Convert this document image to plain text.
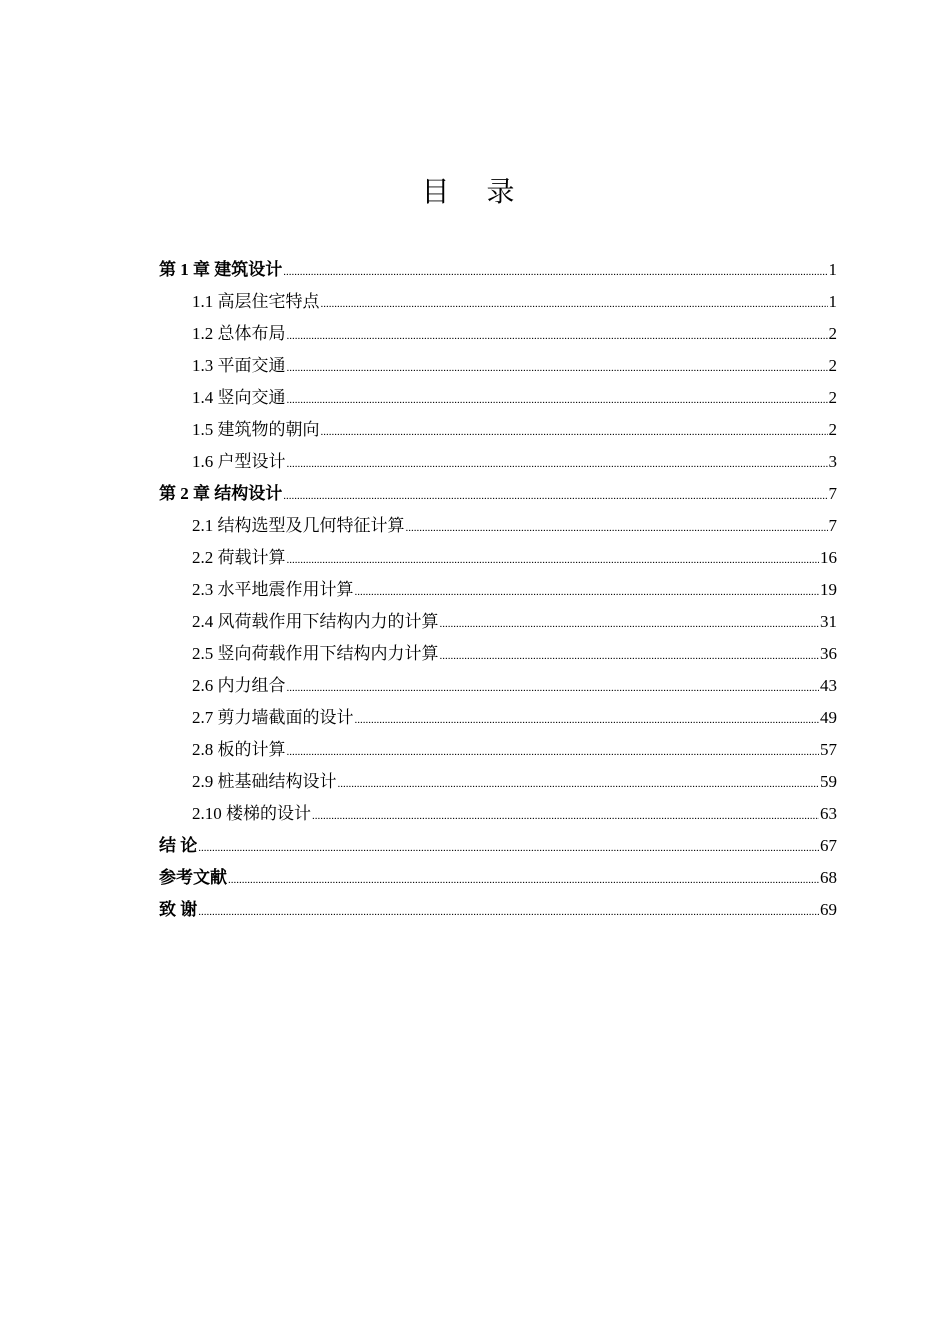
目 录
第 1 章 建筑设计 .....	1
1.1 高层住宅特点 .....	1
1.2 总体布局 .....	2
1.3 平面交通 .....	2
1.4 竖向交通 .....	2
1.5 建筑物的朝向 .....	2
1.6 户型设计 .....	3
第 2 章 结构设计 .....	7
2.1 结构选型及几何特征计算 .....	7
2.2 荷载计算 .....	16
2.3 水平地震作用计算 .....	19
2.4 风荷载作用下结构内力的计算 .....	31
2.5 竖向荷载作用下结构内力计算 .....	36
2.6 内力组合 .....	43
2.7 剪力墙截面的设计 .....	49
2.8 板的计算 .....	57
2.9 桩基础结构设计 .....	59
2.10 楼梯的设计 .....	63
结 论 .....	67
参考文献 .....	68
致 谢 .....	69
